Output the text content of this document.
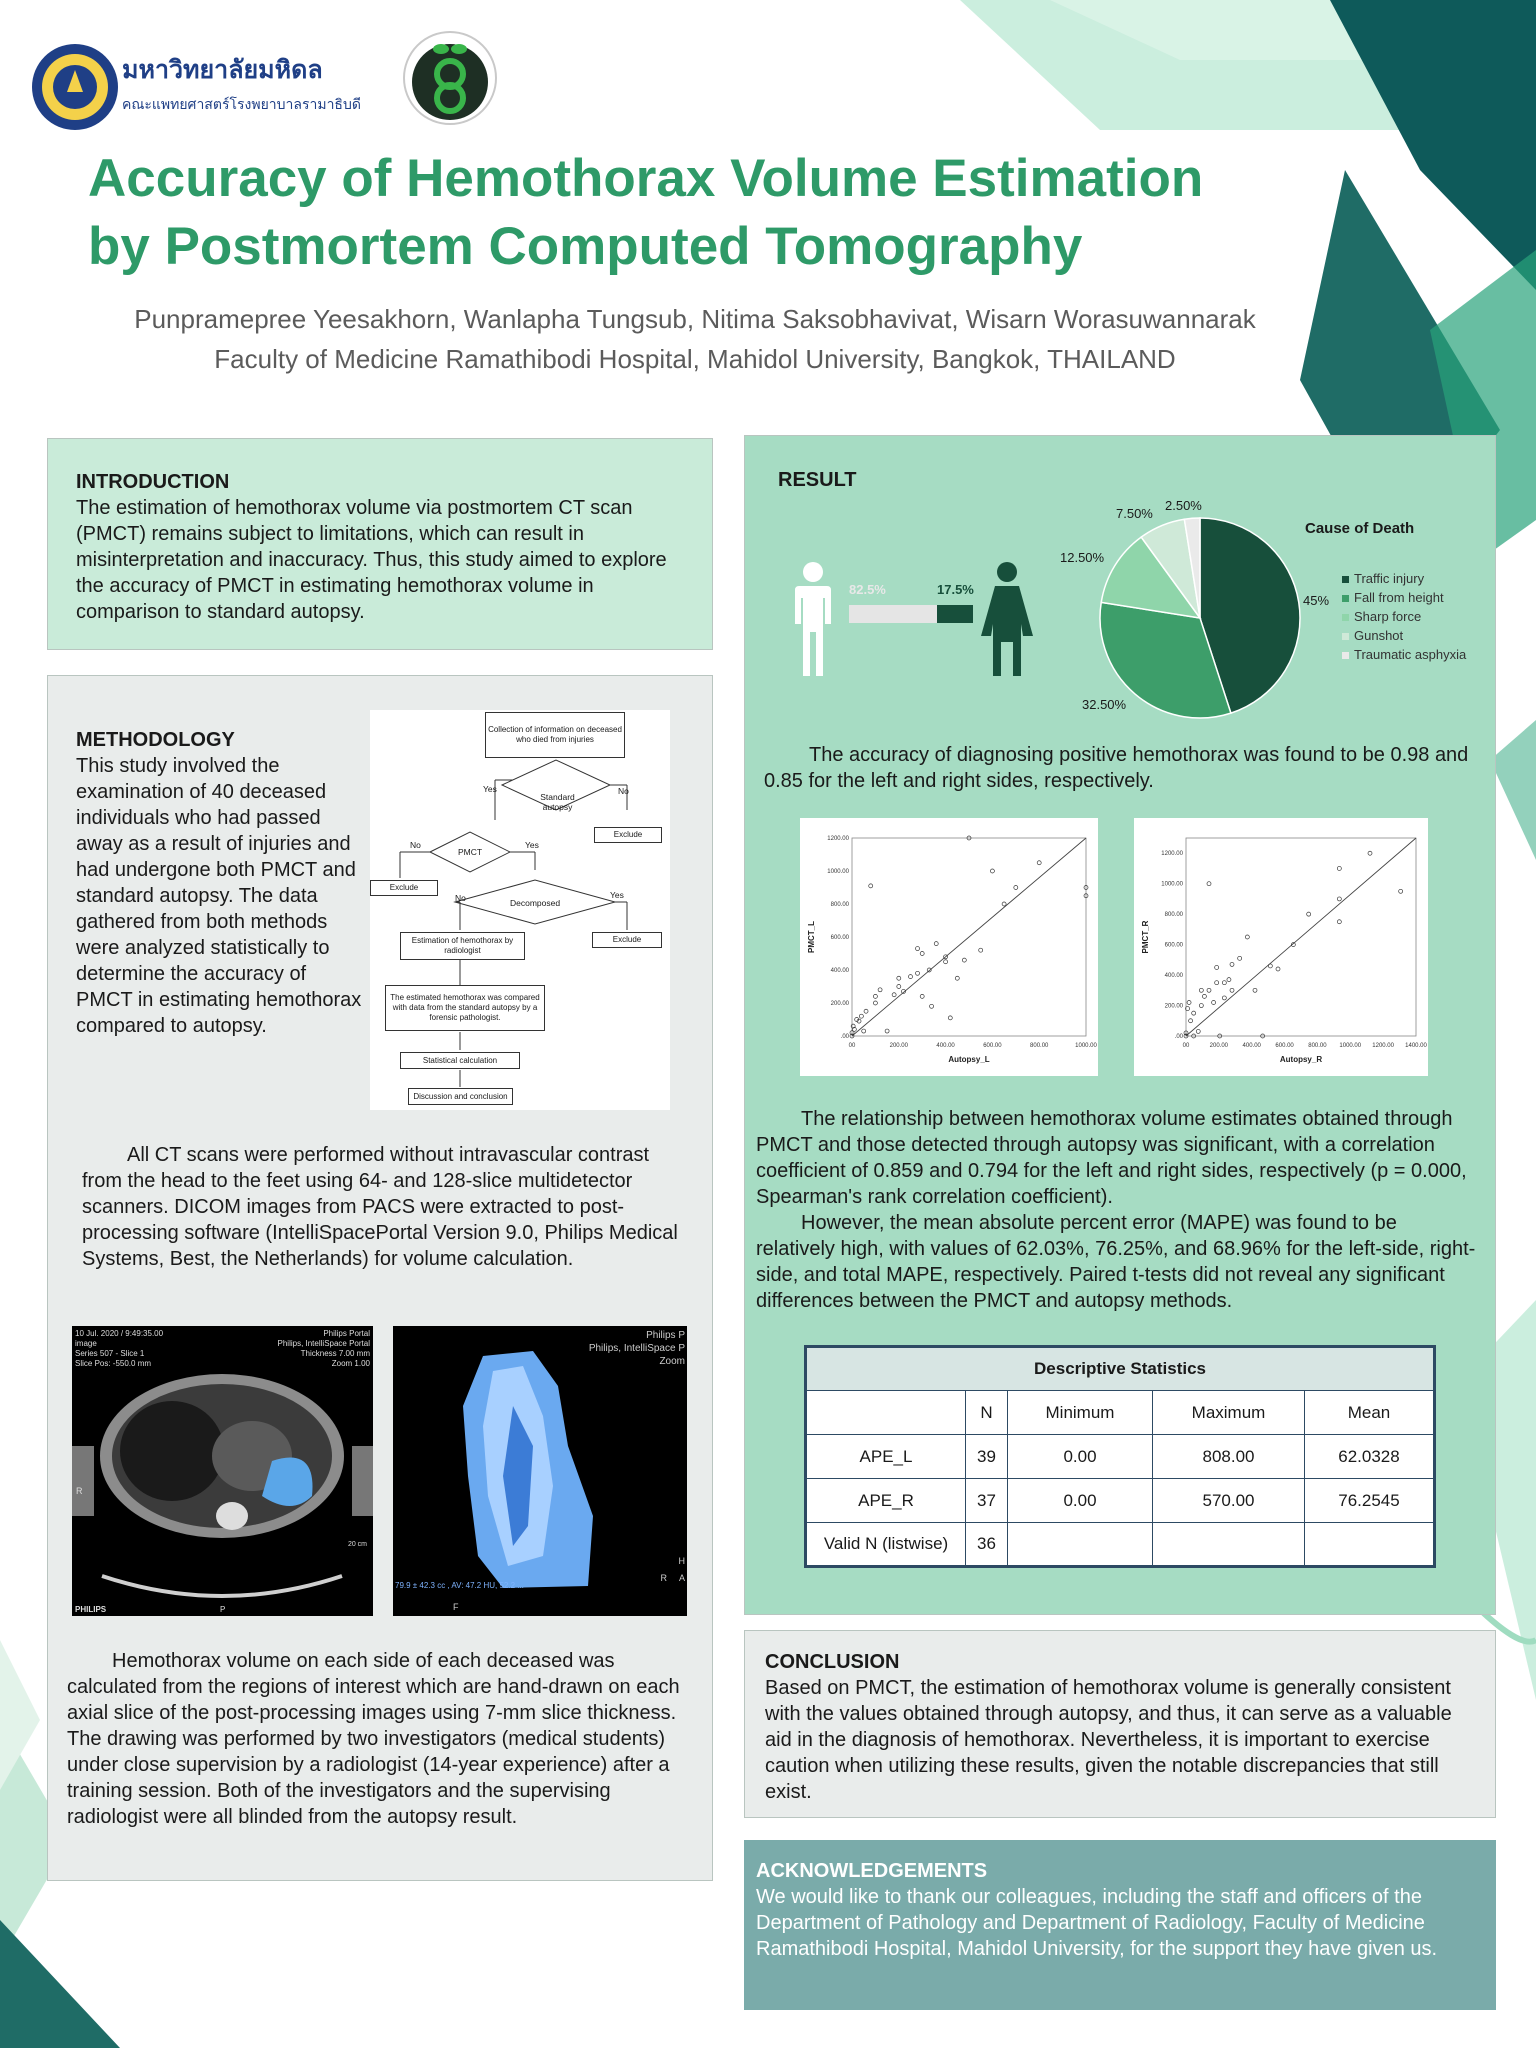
มหาวิทยาลัยมหิดล
คณะแพทยศาสตร์โรงพยาบาลรามาธิบดี
Accuracy of Hemothorax Volume Estimation
by Postmortem Computed Tomography
Punpramepree Yeesakhorn, Wanlapha Tungsub, Nitima Saksobhavivat, Wisarn Worasuwannarak
Faculty of Medicine Ramathibodi Hospital, Mahidol University, Bangkok, THAILAND
INTRODUCTION
The estimation of hemothorax volume via postmortem CT scan (PMCT) remains subject to limitations, which can result in misinterpretation and inaccuracy. Thus, this study aimed to explore the accuracy of PMCT in estimating hemothorax volume in comparison to standard autopsy.
METHODOLOGY
This study involved the examination of 40 deceased individuals who had passed away as a result of injuries and had undergone both PMCT and standard autopsy. The data gathered from both methods were analyzed statistically to determine the accuracy of PMCT in estimating hemothorax compared to autopsy.
Collection of information on deceased who died from injuries
Yes	No
Standard autopsy
Exclude
PMCT
No	Yes
Exclude
Decomposed
No	Yes
Exclude
Estimation of hemothorax by radiologist
The estimated hemothorax was compared with data from the standard autopsy by a forensic pathologist.
Statistical calculation
Discussion and conclusion
All CT scans were performed without intravascular contrast from the head to the feet using 64- and 128-slice multidetector scanners. DICOM images from PACS were extracted to post-processing software (IntelliSpacePortal Version 9.0, Philips Medical Systems, Best, the Netherlands) for volume calculation.
10 Jul. 2020 / 9:49:35.00
image
Series 507 - Slice 1
Slice Pos: -550.0 mm
Philips Portal
Philips, IntelliSpace Portal
Thickness 7.00 mm
Zoom 1.00
PHILIPS	P
R
20 cm
Philips P
Philips, IntelliSpace P
Zoom
79.9 ± 42.3 cc , AV: 47.2 HU, 52.2 ...
F
H
R A
Hemothorax volume on each side of each deceased was calculated from the regions of interest which are hand-drawn on each axial slice of the post-processing images using 7-mm slice thickness. The drawing was performed by two investigators (medical students) under close supervision by a radiologist (14-year experience) after a training session. Both of the investigators and the supervising radiologist were all blinded from the autopsy result.
RESULT
82.5%	17.5%
Cause of Death
45%
32.50%
12.50%
7.50%
2.50%
Traffic injury
Fall from height
Sharp force
Gunshot
Traumatic asphyxia
The accuracy of diagnosing positive hemothorax was found to be 0.98 and 0.85 for the left and right sides, respectively.
00	200.00	400.00	600.00	800.00	1000.00
.00
200.00
400.00
600.00
800.00
1000.00
1200.00
Autopsy_L
PMCT_L
00	200.00 400.00 600.00 800.00 1000.00 1200.00 1400.00
.00
200.00
400.00
600.00
800.00
1000.00
1200.00
Autopsy_R
PMCT_R
The relationship between hemothorax volume estimates obtained through PMCT and those detected through autopsy was significant, with a correlation coefficient of 0.859 and 0.794 for the left and right sides, respectively (p = 0.000, Spearman's rank correlation coefficient).
However, the mean absolute percent error (MAPE) was found to be relatively high, with values of 62.03%, 76.25%, and 68.96% for the left-side, right-side, and total MAPE, respectively. Paired t-tests did not reveal any significant differences between the PMCT and autopsy methods.
Descriptive Statistics				
	N	Minimum	Maximum	Mean
APE_L	39	0.00	808.00	62.0328
APE_R	37	0.00	570.00	76.2545
Valid N (listwise)	36			
CONCLUSION
Based on PMCT, the estimation of hemothorax volume is generally consistent with the values obtained through autopsy, and thus, it can serve as a valuable aid in the diagnosis of hemothorax. Nevertheless, it is important to exercise caution when utilizing these results, given the notable discrepancies that still exist.
ACKNOWLEDGEMENTS
We would like to thank our colleagues, including the staff and officers of the Department of Pathology and Department of Radiology, Faculty of Medicine Ramathibodi Hospital, Mahidol University, for the support they have given us.
